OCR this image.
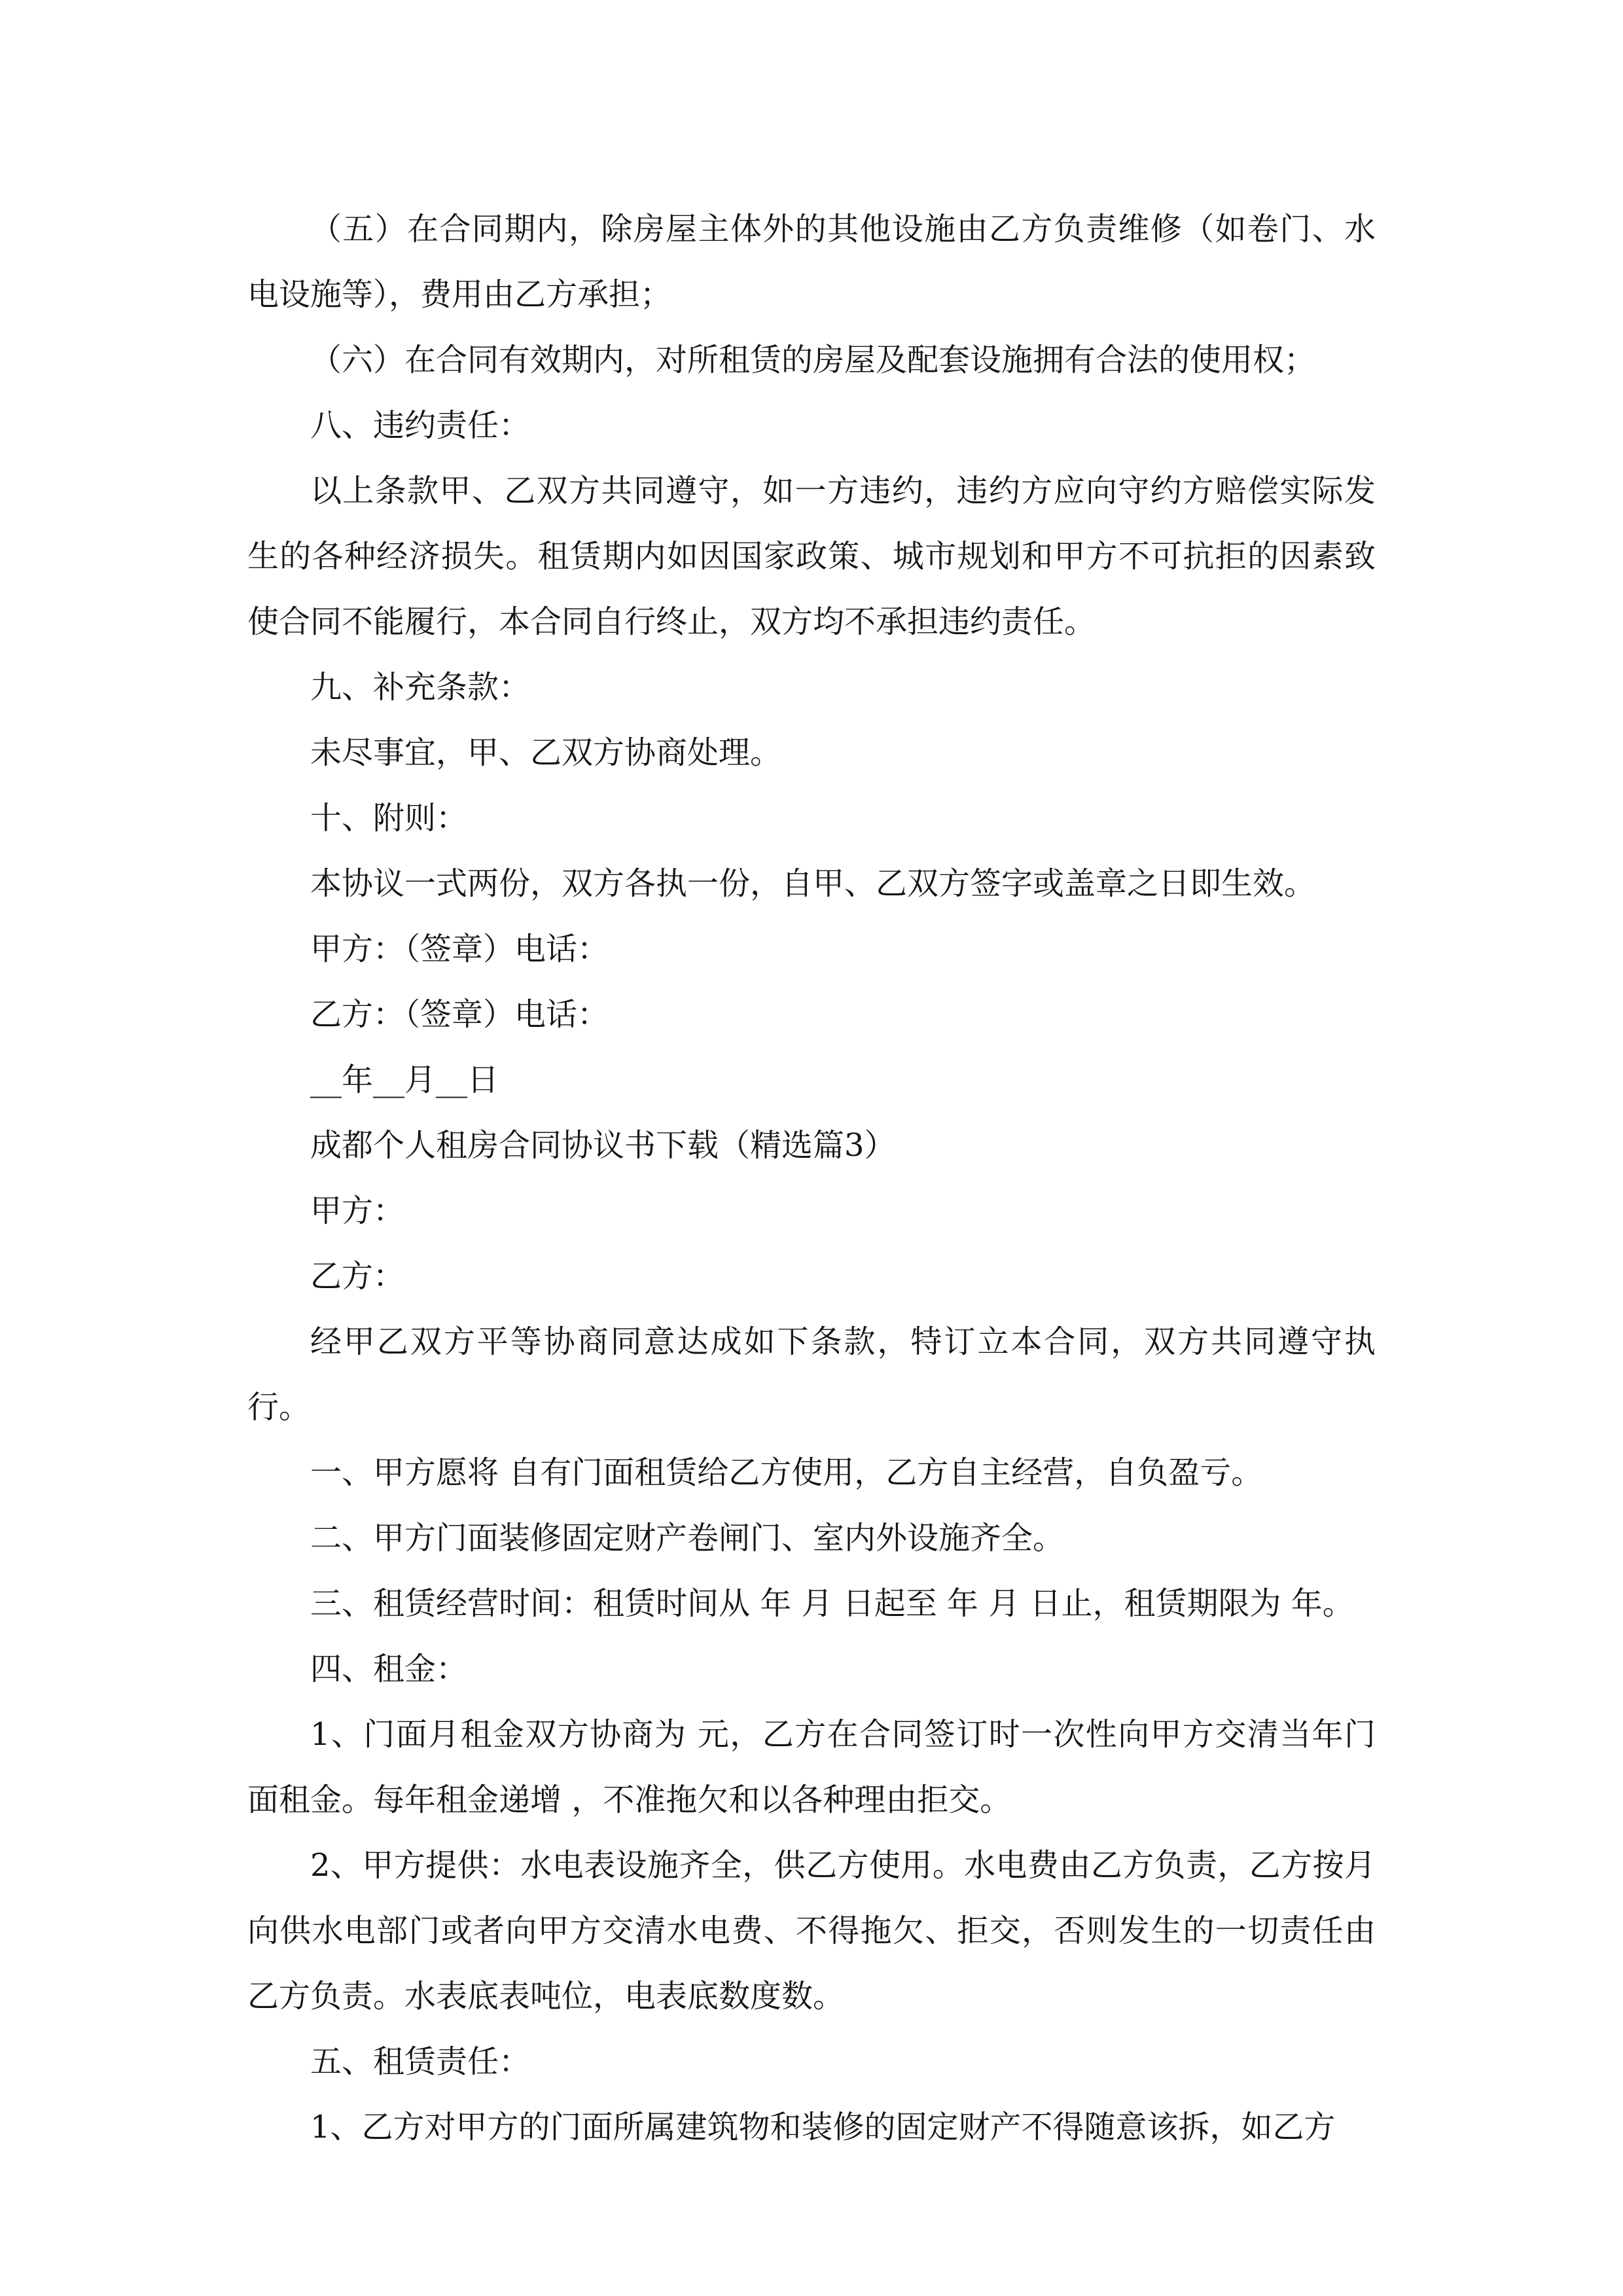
（五）在合同期内，除房屋主体外的其他设施由乙方负责维修（如卷门、水电设施等），费用由乙方承担；

（六）在合同有效期内，对所租赁的房屋及配套设施拥有合法的使用权；

八、违约责任：

以上条款甲、乙双方共同遵守，如一方违约，违约方应向守约方赔偿实际发生的各种经济损失。租赁期内如因国家政策、城市规划和甲方不可抗拒的因素致使合同不能履行，本合同自行终止，双方均不承担违约责任。

九、补充条款：

未尽事宜，甲、乙双方协商处理。

十、附则：

本协议一式两份，双方各执一份，自甲、乙双方签字或盖章之日即生效。

甲方：（签章）电话：

乙方：（签章）电话：

__年__月__日

成都个人租房合同协议书下载（精选篇3）

甲方：

乙方：

经甲乙双方平等协商同意达成如下条款，特订立本合同，双方共同遵守执行。

一、甲方愿将 自有门面租赁给乙方使用，乙方自主经营，自负盈亏。

二、甲方门面装修固定财产卷闸门、室内外设施齐全。

三、租赁经营时间：租赁时间从 年 月 日起至 年 月 日止，租赁期限为 年。

四、租金：

1、门面月租金双方协商为 元，乙方在合同签订时一次性向甲方交清当年门面租金。每年租金递增 ，不准拖欠和以各种理由拒交。

2、甲方提供：水电表设施齐全，供乙方使用。水电费由乙方负责，乙方按月向供水电部门或者向甲方交清水电费、不得拖欠、拒交，否则发生的一切责任由乙方负责。水表底表吨位，电表底数度数。

五、租赁责任：

1、乙方对甲方的门面所属建筑物和装修的固定财产不得随意该拆，如乙方
